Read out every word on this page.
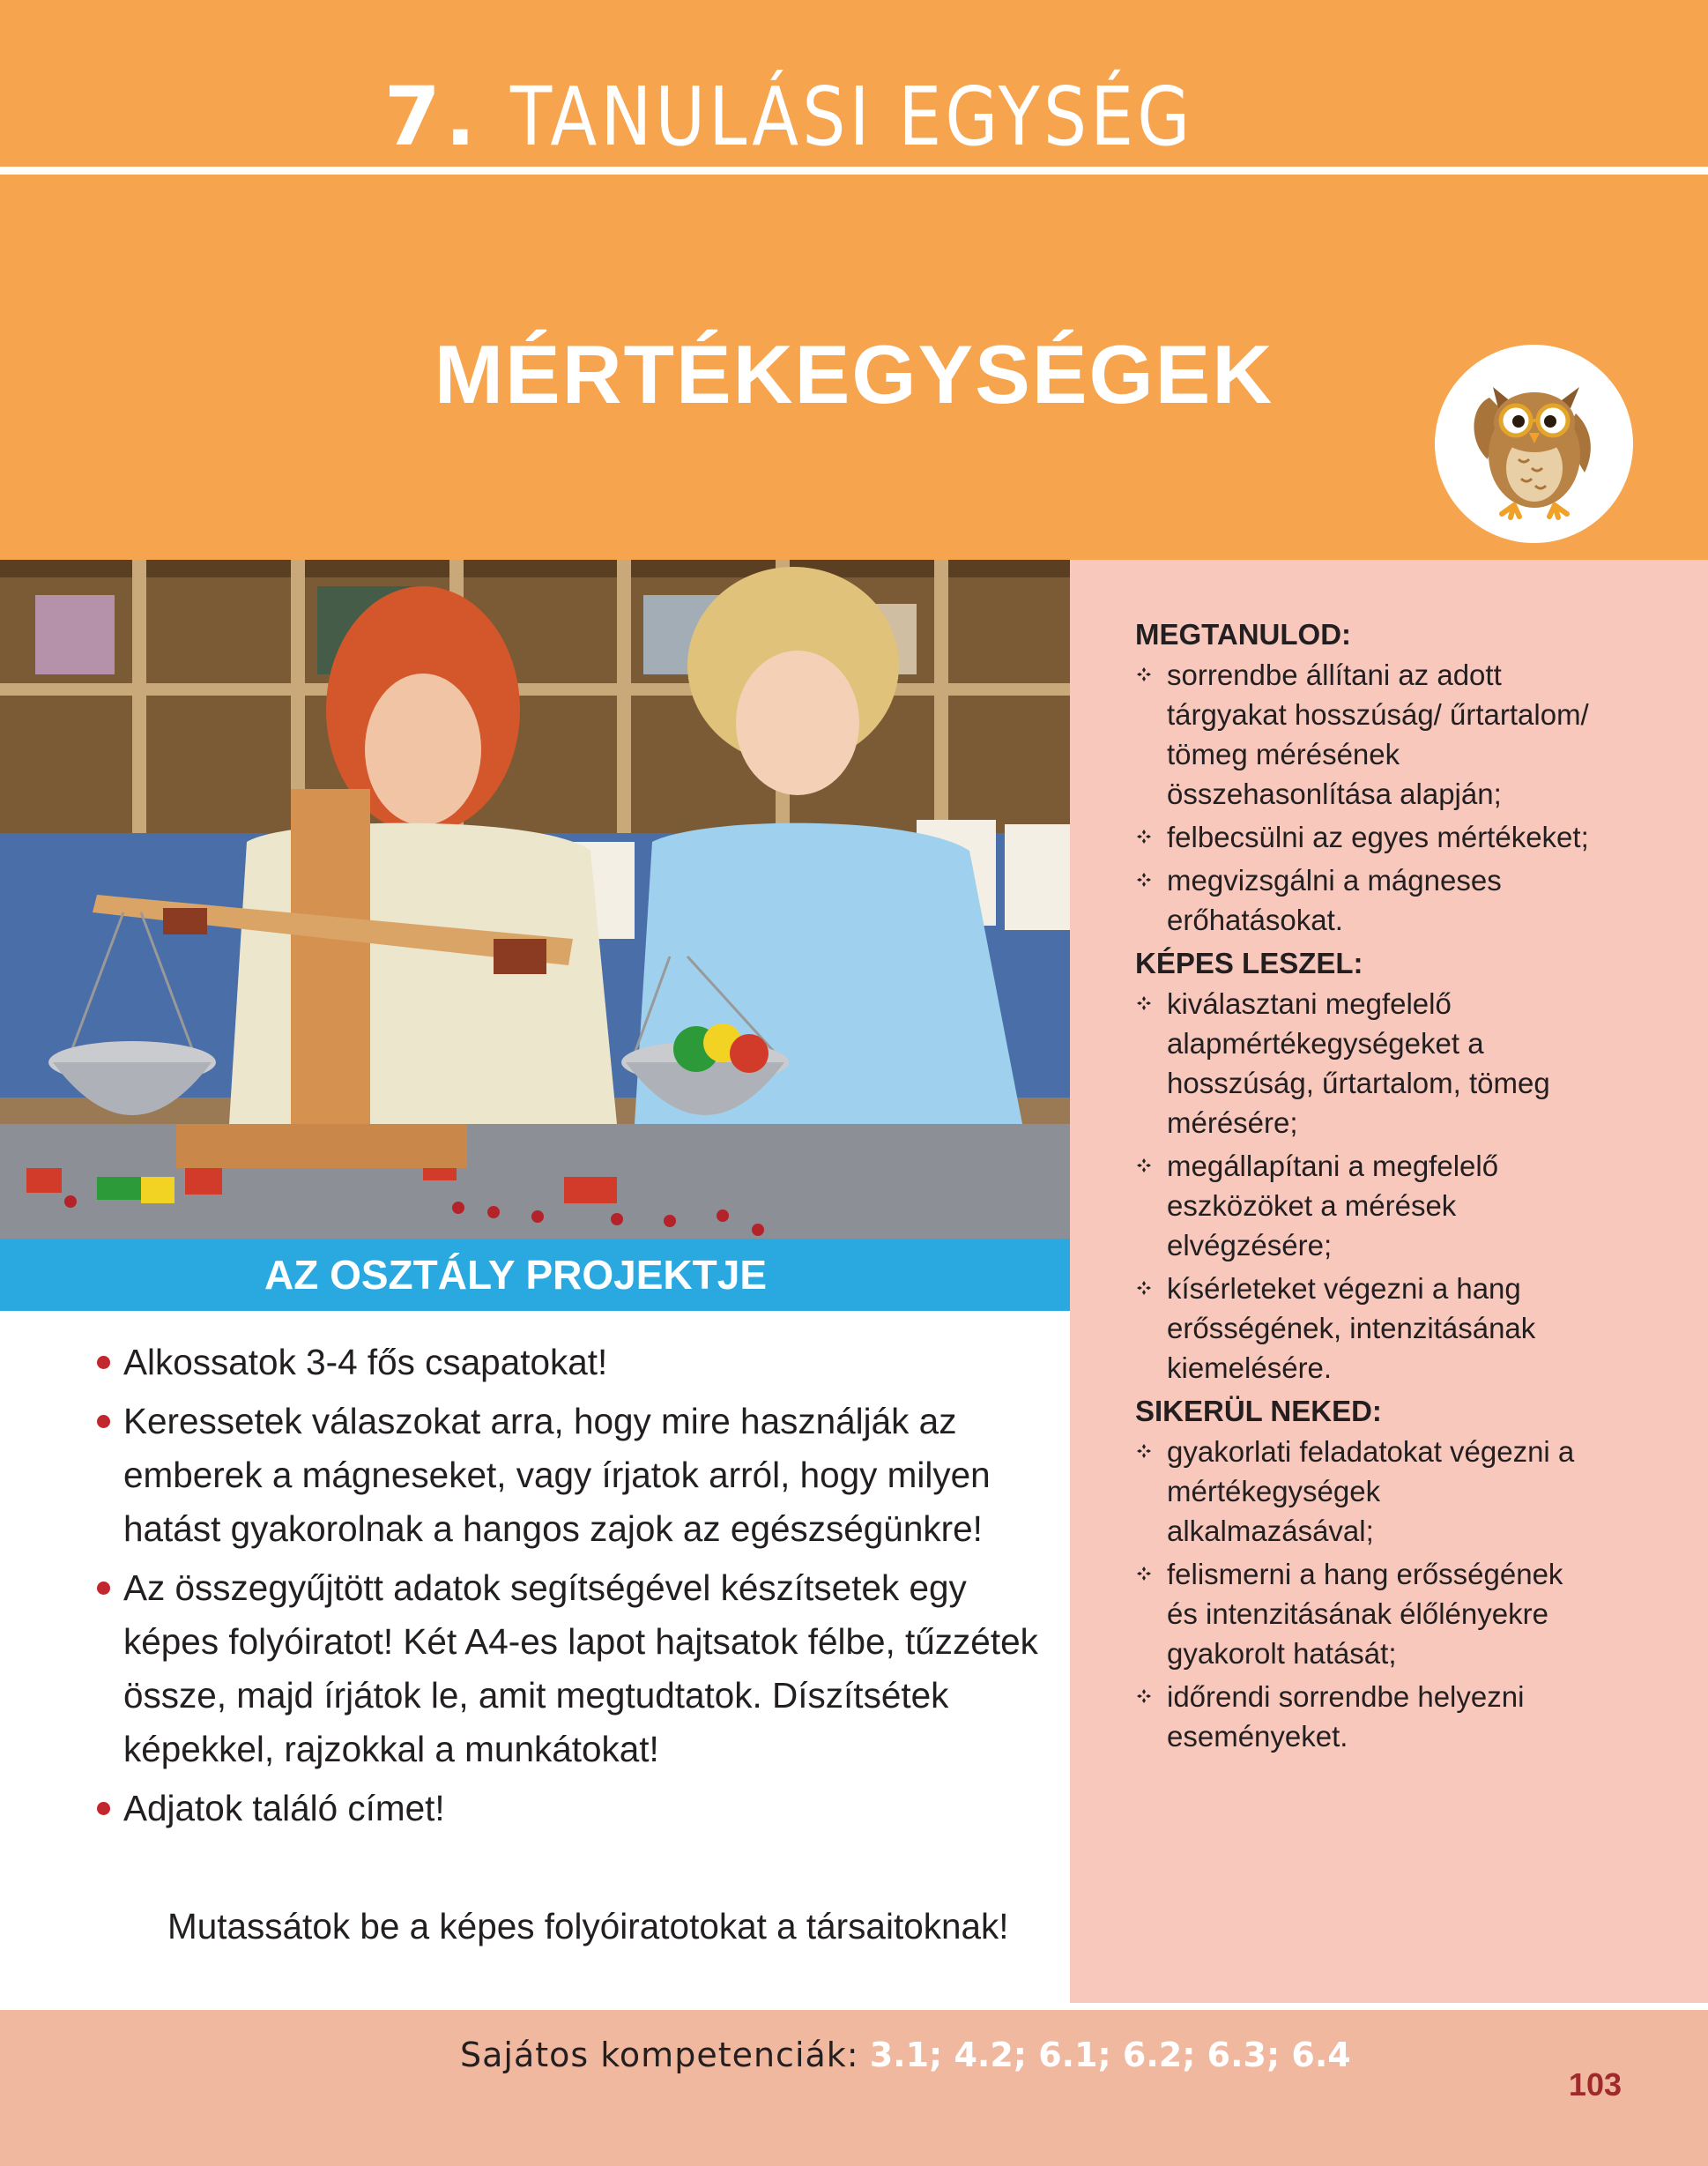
7. TANULÁSI EGYSÉG
MÉRTÉKEGYSÉGEK
AZ OSZTÁLY PROJEKTJE
Alkossatok 3-4 fős csapatokat!
Keressetek válaszokat arra, hogy mire használják az emberek a mágneseket, vagy írjatok arról, hogy milyen hatást gyakorolnak a hangos zajok az egészségünkre!
Az összegyűjtött adatok segítségével készítsetek egy képes folyóiratot! Két A4-es lapot hajtsatok félbe, tűzzétek össze, majd írjátok le, amit megtudtatok. Díszítsétek képekkel, rajzokkal a munkátokat!
Adjatok találó címet!
Mutassátok be a képes folyóiratotokat a társaitoknak!
MEGTANULOD:
sorrendbe állítani az adott tárgyakat hosszúság/ űrtartalom/ tömeg mérésének összehasonlítása alapján;
felbecsülni az egyes mértékeket;
megvizsgálni a mágneses erőhatásokat.
KÉPES LESZEL:
kiválasztani megfelelő alapmértékegységeket a hosszúság, űrtartalom, tömeg mérésére;
megállapítani a megfelelő eszközöket a mérések elvégzésére;
kísérleteket végezni a hang erősségének, intenzitásának kiemelésére.
SIKERÜL NEKED:
gyakorlati feladatokat végezni a mértékegységek alkalmazásával;
felismerni a hang erősségének és intenzitásának élőlényekre gyakorolt hatását;
időrendi sorrendbe helyezni eseményeket.
Sajátos kompetenciák: 3.1; 4.2; 6.1; 6.2; 6.3; 6.4
103
